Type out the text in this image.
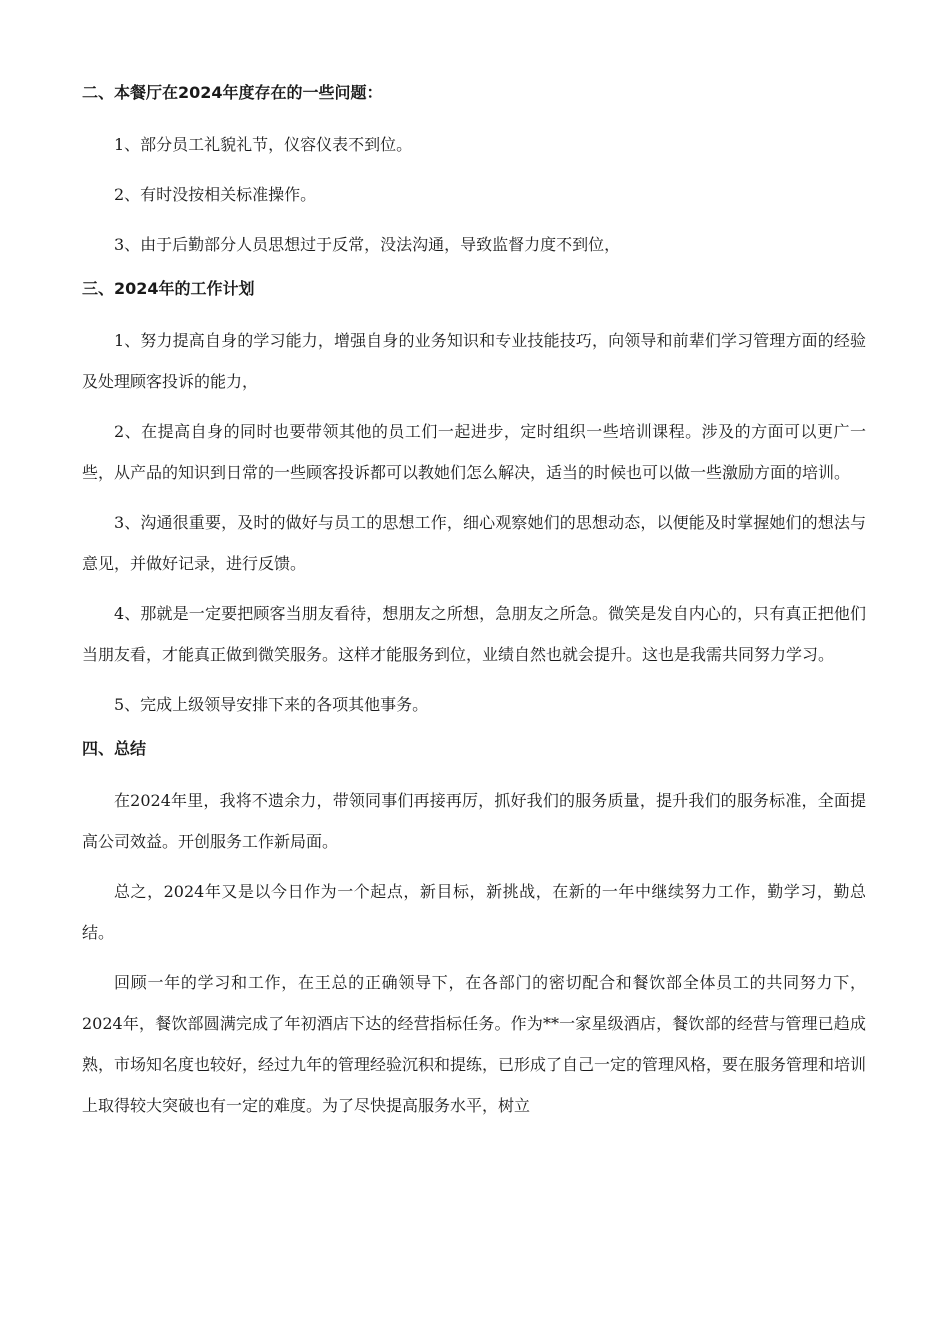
二、本餐厅在2024年度存在的一些问题：

1、部分员工礼貌礼节，仪容仪表不到位。

2、有时没按相关标准操作。

3、由于后勤部分人员思想过于反常，没法沟通，导致监督力度不到位，

三、2024年的工作计划

1、努力提高自身的学习能力，增强自身的业务知识和专业技能技巧，向领导和前辈们学习管理方面的经验及处理顾客投诉的能力，

2、在提高自身的同时也要带领其他的员工们一起进步，定时组织一些培训课程。涉及的方面可以更广一些，从产品的知识到日常的一些顾客投诉都可以教她们怎么解决，适当的时候也可以做一些激励方面的培训。

3、沟通很重要，及时的做好与员工的思想工作，细心观察她们的思想动态，以便能及时掌握她们的想法与意见，并做好记录，进行反馈。

4、那就是一定要把顾客当朋友看待，想朋友之所想，急朋友之所急。微笑是发自内心的，只有真正把他们当朋友看，才能真正做到微笑服务。这样才能服务到位，业绩自然也就会提升。这也是我需共同努力学习。

5、完成上级领导安排下来的各项其他事务。

四、总结

在2024年里，我将不遗余力，带领同事们再接再厉，抓好我们的服务质量，提升我们的服务标准，全面提高公司效益。开创服务工作新局面。

总之，2024年又是以今日作为一个起点，新目标，新挑战，在新的一年中继续努力工作，勤学习，勤总结。

回顾一年的学习和工作，在王总的正确领导下，在各部门的密切配合和餐饮部全体员工的共同努力下，2024年，餐饮部圆满完成了年初酒店下达的经营指标任务。作为**一家星级酒店，餐饮部的经营与管理已趋成熟，市场知名度也较好，经过九年的管理经验沉积和提练，已形成了自己一定的管理风格，要在服务管理和培训上取得较大突破也有一定的难度。为了尽快提高服务水平，树立
